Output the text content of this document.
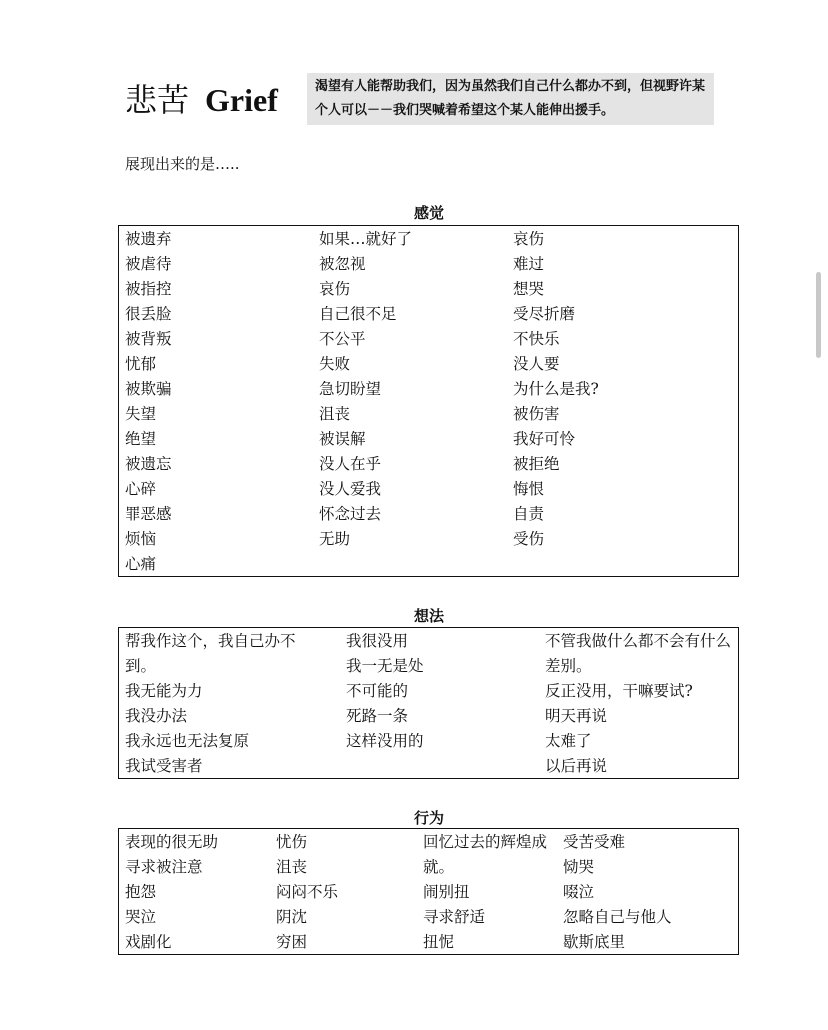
悲苦 Grief	渴望有人能帮助我们，因为虽然我们自己什么都办不到，但视野许某个人可以－－我们哭喊着希望这个某人能伸出援手。
展现出来的是…..
感觉
被遗弃
被虐待
被指控
很丢脸
被背叛
忧郁
被欺骗
失望
绝望
被遗忘
心碎
罪恶感
烦恼
心痛
如果…就好了
被忽视
哀伤
自己很不足
不公平
失败
急切盼望
沮丧
被误解
没人在乎
没人爱我
怀念过去
无助
哀伤
难过
想哭
受尽折磨
不快乐
没人要
为什么是我?
被伤害
我好可怜
被拒绝
悔恨
自责
受伤
想法
帮我作这个，我自己办不到。
我无能为力
我没办法
我永远也无法复原
我试受害者
我很没用
我一无是处
不可能的
死路一条
这样没用的
不管我做什么都不会有什么差别。
反正没用，干嘛要试?
明天再说
太难了
以后再说
行为
表现的很无助
寻求被注意
抱怨
哭泣
戏剧化
忧伤
沮丧
闷闷不乐
阴沈
穷困
回忆过去的辉煌成就。
闹别扭
寻求舒适
扭怩
受苦受难
恸哭
啜泣
忽略自己与他人
歇斯底里
